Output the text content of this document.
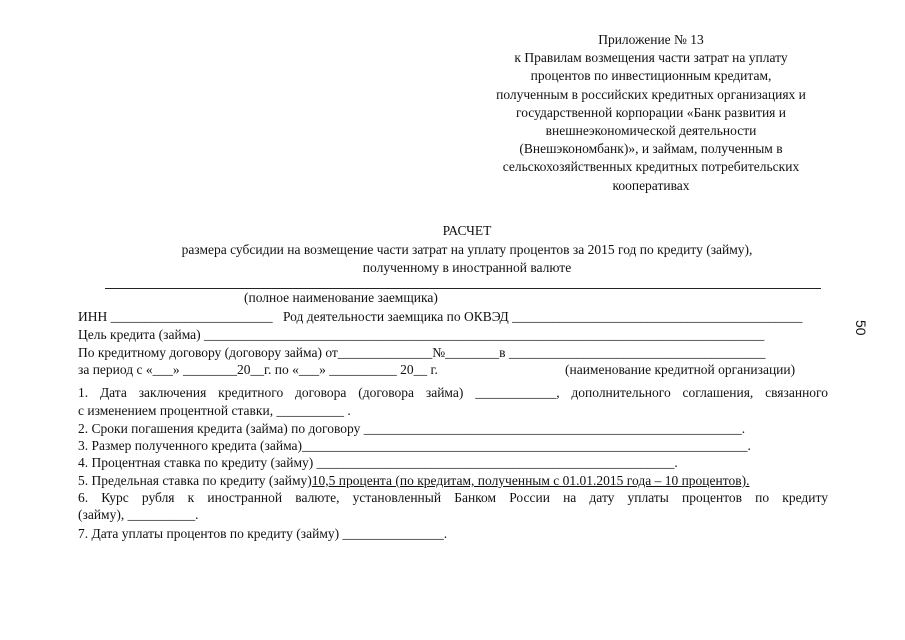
Приложение № 13
к Правилам возмещения части затрат на уплату
процентов по инвестиционным кредитам,
полученным в российских кредитных организациях и
государственной корпорации «Банк развития и
внешнеэкономической деятельности
(Внешэкономбанк)», и займам, полученным в
сельскохозяйственных кредитных потребительских
кооперативах
50
РАСЧЕТ
размера субсидии на возмещение части затрат на уплату процентов за 2015 год по кредиту (займу),
полученному в иностранной валюте
(полное наименование заемщика)
ИНН ________________________ Род деятельности заемщика по ОКВЭД ___________________________________________
Цель кредита (займа) ___________________________________________________________________________________
По кредитному договору (договору займа) от______________№________в ______________________________________
за период с «___» ________20__г. по «___» __________ 20__ г.	(наименование кредитной организации)
1. Дата заключения кредитного договора (договора займа) ____________, дополнительного соглашения, связанного
с изменением процентной ставки, __________ .
2. Сроки погашения кредита (займа) по договору ________________________________________________________.
3. Размер полученного кредита (займа)__________________________________________________________________.
4. Процентная ставка по кредиту (займу) _____________________________________________________.
5. Предельная ставка по кредиту (займу)10,5 процента (по кредитам, полученным с 01.01.2015 года – 10 процентов).
6. Курс рубля к иностранной валюте, установленный Банком России на дату уплаты процентов по кредиту
(займу), __________.
7. Дата уплаты процентов по кредиту (займу) _______________.
